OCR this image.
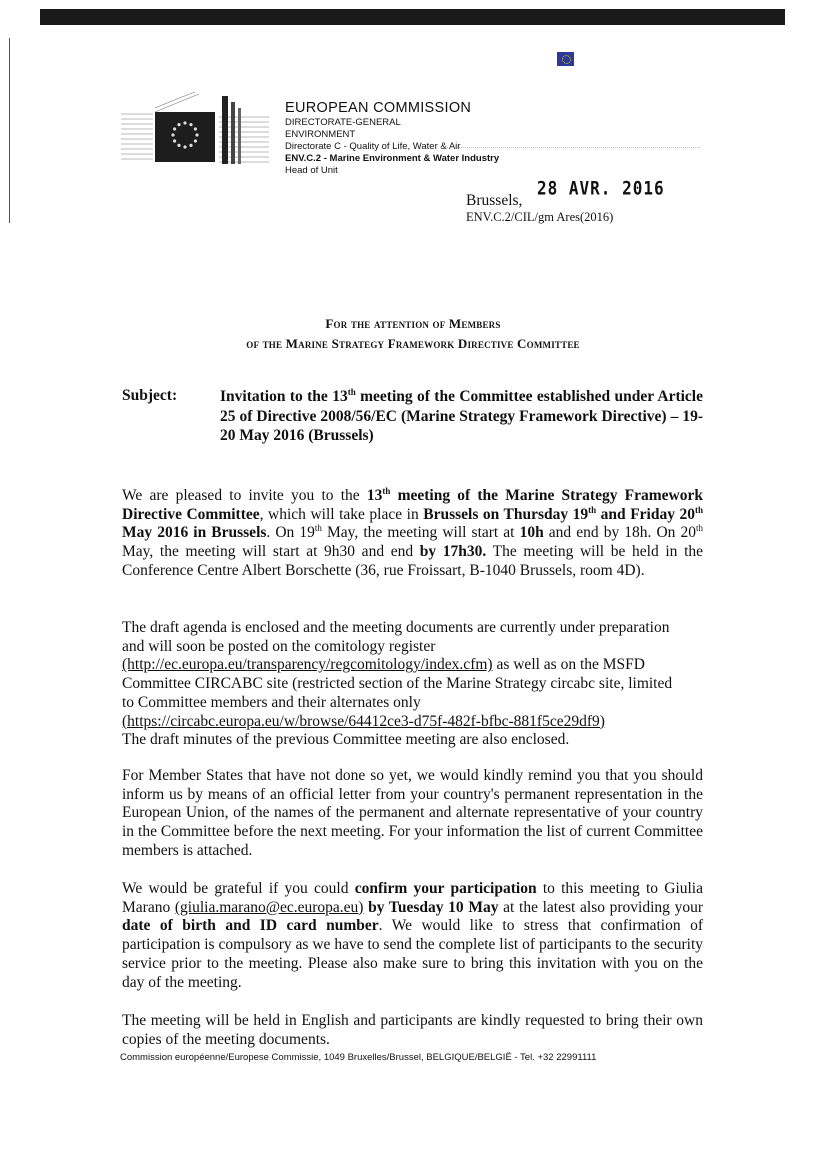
EUROPEAN COMMISSION
DIRECTORATE-GENERAL
ENVIRONMENT
Directorate C - Quality of Life, Water & Air
ENV.C.2 - Marine Environment & Water Industry
Head of Unit
28 AVR. 2016
Brussels,
ENV.C.2/CIL/gm Ares(2016)
For the attention of Members
of the Marine Strategy Framework Directive Committee
Subject:	Invitation to the 13th meeting of the Committee established under Article 25 of Directive 2008/56/EC (Marine Strategy Framework Directive) – 19-20 May 2016 (Brussels)
We are pleased to invite you to the 13th meeting of the Marine Strategy Framework Directive Committee, which will take place in Brussels on Thursday 19th and Friday 20th May 2016 in Brussels. On 19th May, the meeting will start at 10h and end by 18h. On 20th May, the meeting will start at 9h30 and end by 17h30. The meeting will be held in the Conference Centre Albert Borschette (36, rue Froissart, B-1040 Brussels, room 4D).
The draft agenda is enclosed and the meeting documents are currently under preparation
and will soon be posted on the comitology register
(http://ec.europa.eu/transparency/regcomitology/index.cfm) as well as on the MSFD
Committee CIRCABC site (restricted section of the Marine Strategy circabc site, limited
to Committee members and their alternates only
(https://circabc.europa.eu/w/browse/64412ce3-d75f-482f-bfbc-881f5ce29df9)
The draft minutes of the previous Committee meeting are also enclosed.
For Member States that have not done so yet, we would kindly remind you that you should inform us by means of an official letter from your country's permanent representation in the European Union, of the names of the permanent and alternate representative of your country in the Committee before the next meeting. For your information the list of current Committee members is attached.
We would be grateful if you could confirm your participation to this meeting to Giulia Marano (giulia.marano@ec.europa.eu) by Tuesday 10 May at the latest also providing your date of birth and ID card number. We would like to stress that confirmation of participation is compulsory as we have to send the complete list of participants to the security service prior to the meeting. Please also make sure to bring this invitation with you on the day of the meeting.
The meeting will be held in English and participants are kindly requested to bring their own copies of the meeting documents.
Commission européenne/Europese Commissie, 1049 Bruxelles/Brussel, BELGIQUE/BELGIË - Tel. +32 22991111
